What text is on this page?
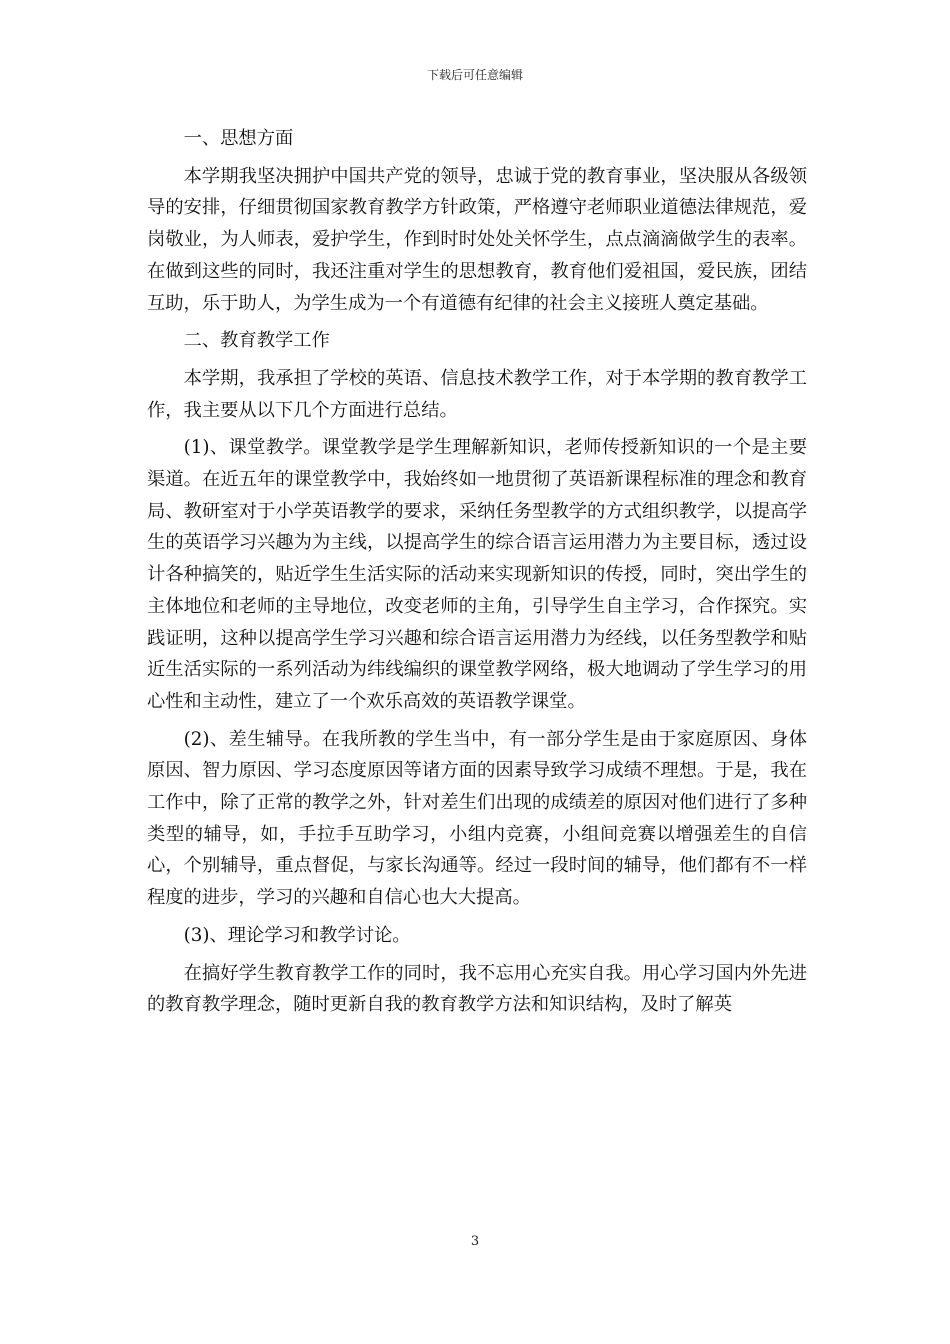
下载后可任意编辑

一、思想方面

本学期我坚决拥护中国共产党的领导，忠诚于党的教育事业，坚决服从各级领导的安排，仔细贯彻国家教育教学方针政策，严格遵守老师职业道德法律规范，爱岗敬业，为人师表，爱护学生，作到时时处处关怀学生，点点滴滴做学生的表率。在做到这些的同时，我还注重对学生的思想教育，教育他们爱祖国，爱民族，团结互助，乐于助人，为学生成为一个有道德有纪律的社会主义接班人奠定基础。

二、教育教学工作

本学期，我承担了学校的英语、信息技术教学工作，对于本学期的教育教学工作，我主要从以下几个方面进行总结。

(1)、课堂教学。课堂教学是学生理解新知识，老师传授新知识的一个是主要渠道。在近五年的课堂教学中，我始终如一地贯彻了英语新课程标准的理念和教育局、教研室对于小学英语教学的要求，采纳任务型教学的方式组织教学，以提高学生的英语学习兴趣为为主线，以提高学生的综合语言运用潜力为主要目标，透过设计各种搞笑的，贴近学生生活实际的活动来实现新知识的传授，同时，突出学生的主体地位和老师的主导地位，改变老师的主角，引导学生自主学习，合作探究。实践证明，这种以提高学生学习兴趣和综合语言运用潜力为经线，以任务型教学和贴近生活实际的一系列活动为纬线编织的课堂教学网络，极大地调动了学生学习的用心性和主动性，建立了一个欢乐高效的英语教学课堂。

(2)、差生辅导。在我所教的学生当中，有一部分学生是由于家庭原因、身体原因、智力原因、学习态度原因等诸方面的因素导致学习成绩不理想。于是，我在工作中，除了正常的教学之外，针对差生们出现的成绩差的原因对他们进行了多种类型的辅导，如，手拉手互助学习，小组内竞赛，小组间竞赛以增强差生的自信心，个别辅导，重点督促，与家长沟通等。经过一段时间的辅导，他们都有不一样程度的进步，学习的兴趣和自信心也大大提高。

(3)、理论学习和教学讨论。

在搞好学生教育教学工作的同时，我不忘用心充实自我。用心学习国内外先进的教育教学理念，随时更新自我的教育教学方法和知识结构，及时了解英

3
